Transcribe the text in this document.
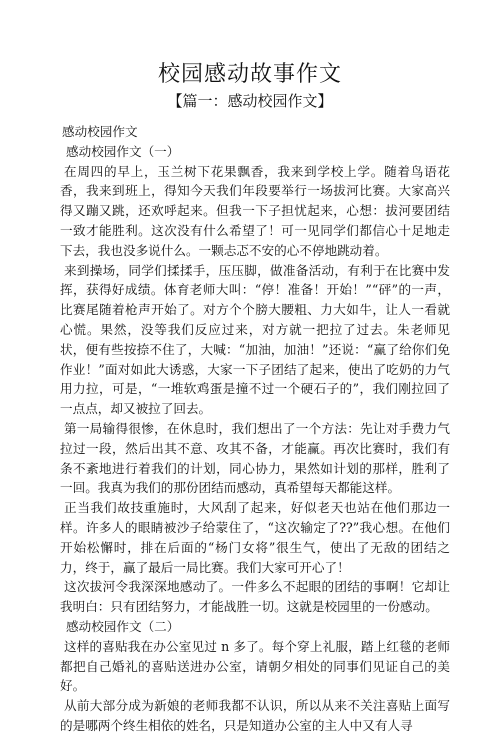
校园感动故事作文
【篇一：感动校园作文】

感动校园作文

感动校园作文（一）

在周四的早上，玉兰树下花果飘香，我来到学校上学。随着鸟语花香，我来到班上，得知今天我们年段要举行一场拔河比赛。大家高兴得又蹦又跳，还欢呼起来。但我一下子担忧起来，心想：拔河要团结一致才能胜利。这次没有什么希望了！可一见同学们都信心十足地走下去，我也没多说什么。一颗忐忑不安的心不停地跳动着。

来到操场，同学们揉揉手，压压脚，做准备活动，有利于在比赛中发挥，获得好成绩。体育老师大叫：“停！准备！开始！”“砰”的一声，比赛尾随着枪声开始了。对方个个膀大腰粗、力大如牛，让人一看就心慌。果然，没等我们反应过来，对方就一把拉了过去。朱老师见状，便有些按捺不住了，大喊：“加油，加油！”还说：“赢了给你们免作业！”面对如此大诱惑，大家一下子团结了起来，使出了吃奶的力气用力拉，可是，“一堆软鸡蛋是撞不过一个硬石子的”，我们刚拉回了一点点，却又被拉了回去。

第一局输得很惨，在休息时，我们想出了一个方法：先让对手费力气拉过一段，然后出其不意、攻其不备，才能赢。再次比赛时，我们有条不紊地进行着我们的计划，同心协力，果然如计划的那样，胜利了一回。我真为我们的那份团结而感动，真希望每天都能这样。

正当我们故技重施时，大风刮了起来，好似老天也站在他们那边一样。许多人的眼睛被沙子给蒙住了，“这次输定了??”我心想。在他们开始松懈时，排在后面的“杨门女将”很生气，使出了无敌的团结之力，终于，赢了最后一局比赛。我们大家可开心了！

这次拔河令我深深地感动了。一件多么不起眼的团结的事啊！它却让我明白：只有团结努力，才能战胜一切。这就是校园里的一份感动。

感动校园作文（二）

这样的喜贴我在办公室见过 n 多了。每个穿上礼服，踏上红毯的老师都把自己婚礼的喜贴送进办公室，请朝夕相处的同事们见证自己的美好。

从前大部分成为新娘的老师我都不认识，所以从来不关注喜贴上面写的是哪两个终生相依的姓名，只是知道办公室的主人中又有人寻
